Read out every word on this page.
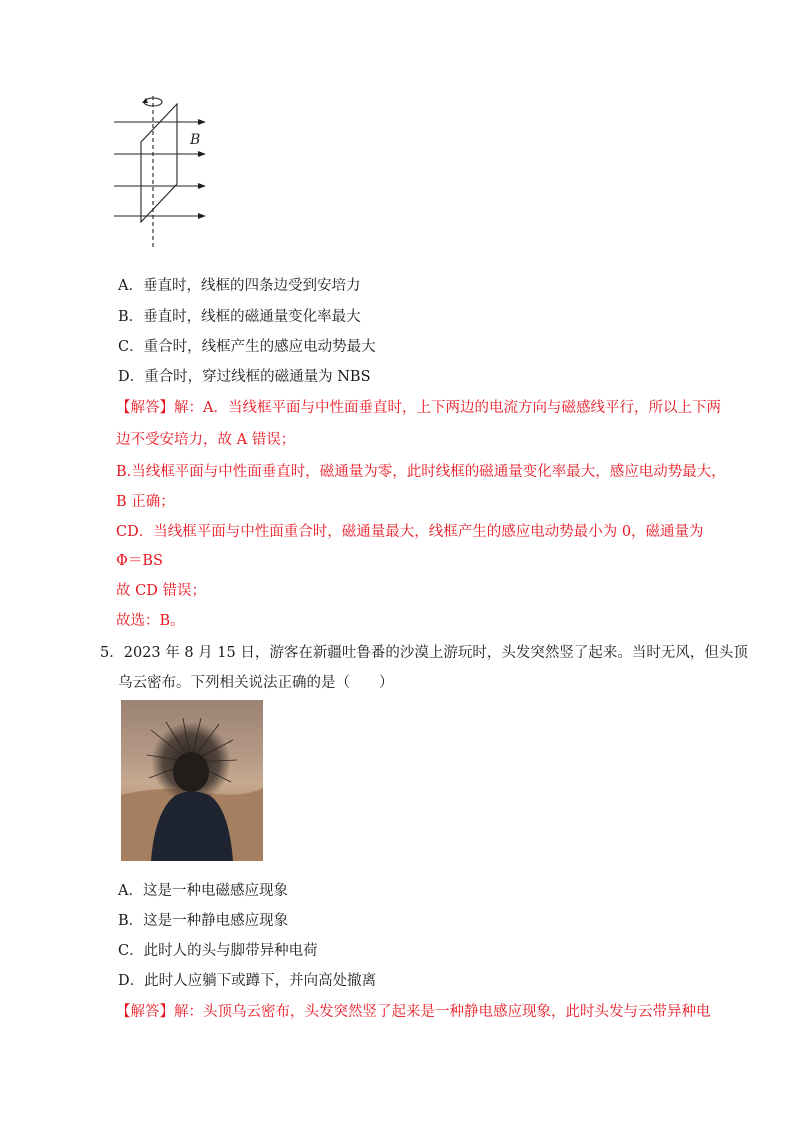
B
A．垂直时，线框的四条边受到安培力
B．垂直时，线框的磁通量变化率最大
C．重合时，线框产生的感应电动势最大
D．重合时，穿过线框的磁通量为 NBS
【解答】解：A．当线框平面与中性面垂直时，上下两边的电流方向与磁感线平行，所以上下两
边不受安培力，故 A 错误；
B.当线框平面与中性面垂直时，磁通量为零，此时线框的磁通量变化率最大，感应电动势最大，
B 正确；
CD．当线框平面与中性面重合时，磁通量最大，线框产生的感应电动势最小为 0，磁通量为
Φ＝BS
故 CD 错误；
故选：B。
5．2023 年 8 月 15 日，游客在新疆吐鲁番的沙漠上游玩时，头发突然竖了起来。当时无风，但头顶
乌云密布。下列相关说法正确的是（　　）
A．这是一种电磁感应现象
B．这是一种静电感应现象
C．此时人的头与脚带异种电荷
D．此时人应躺下或蹲下，并向高处撤离
【解答】解：头顶乌云密布，头发突然竖了起来是一种静电感应现象，此时头发与云带异种电
